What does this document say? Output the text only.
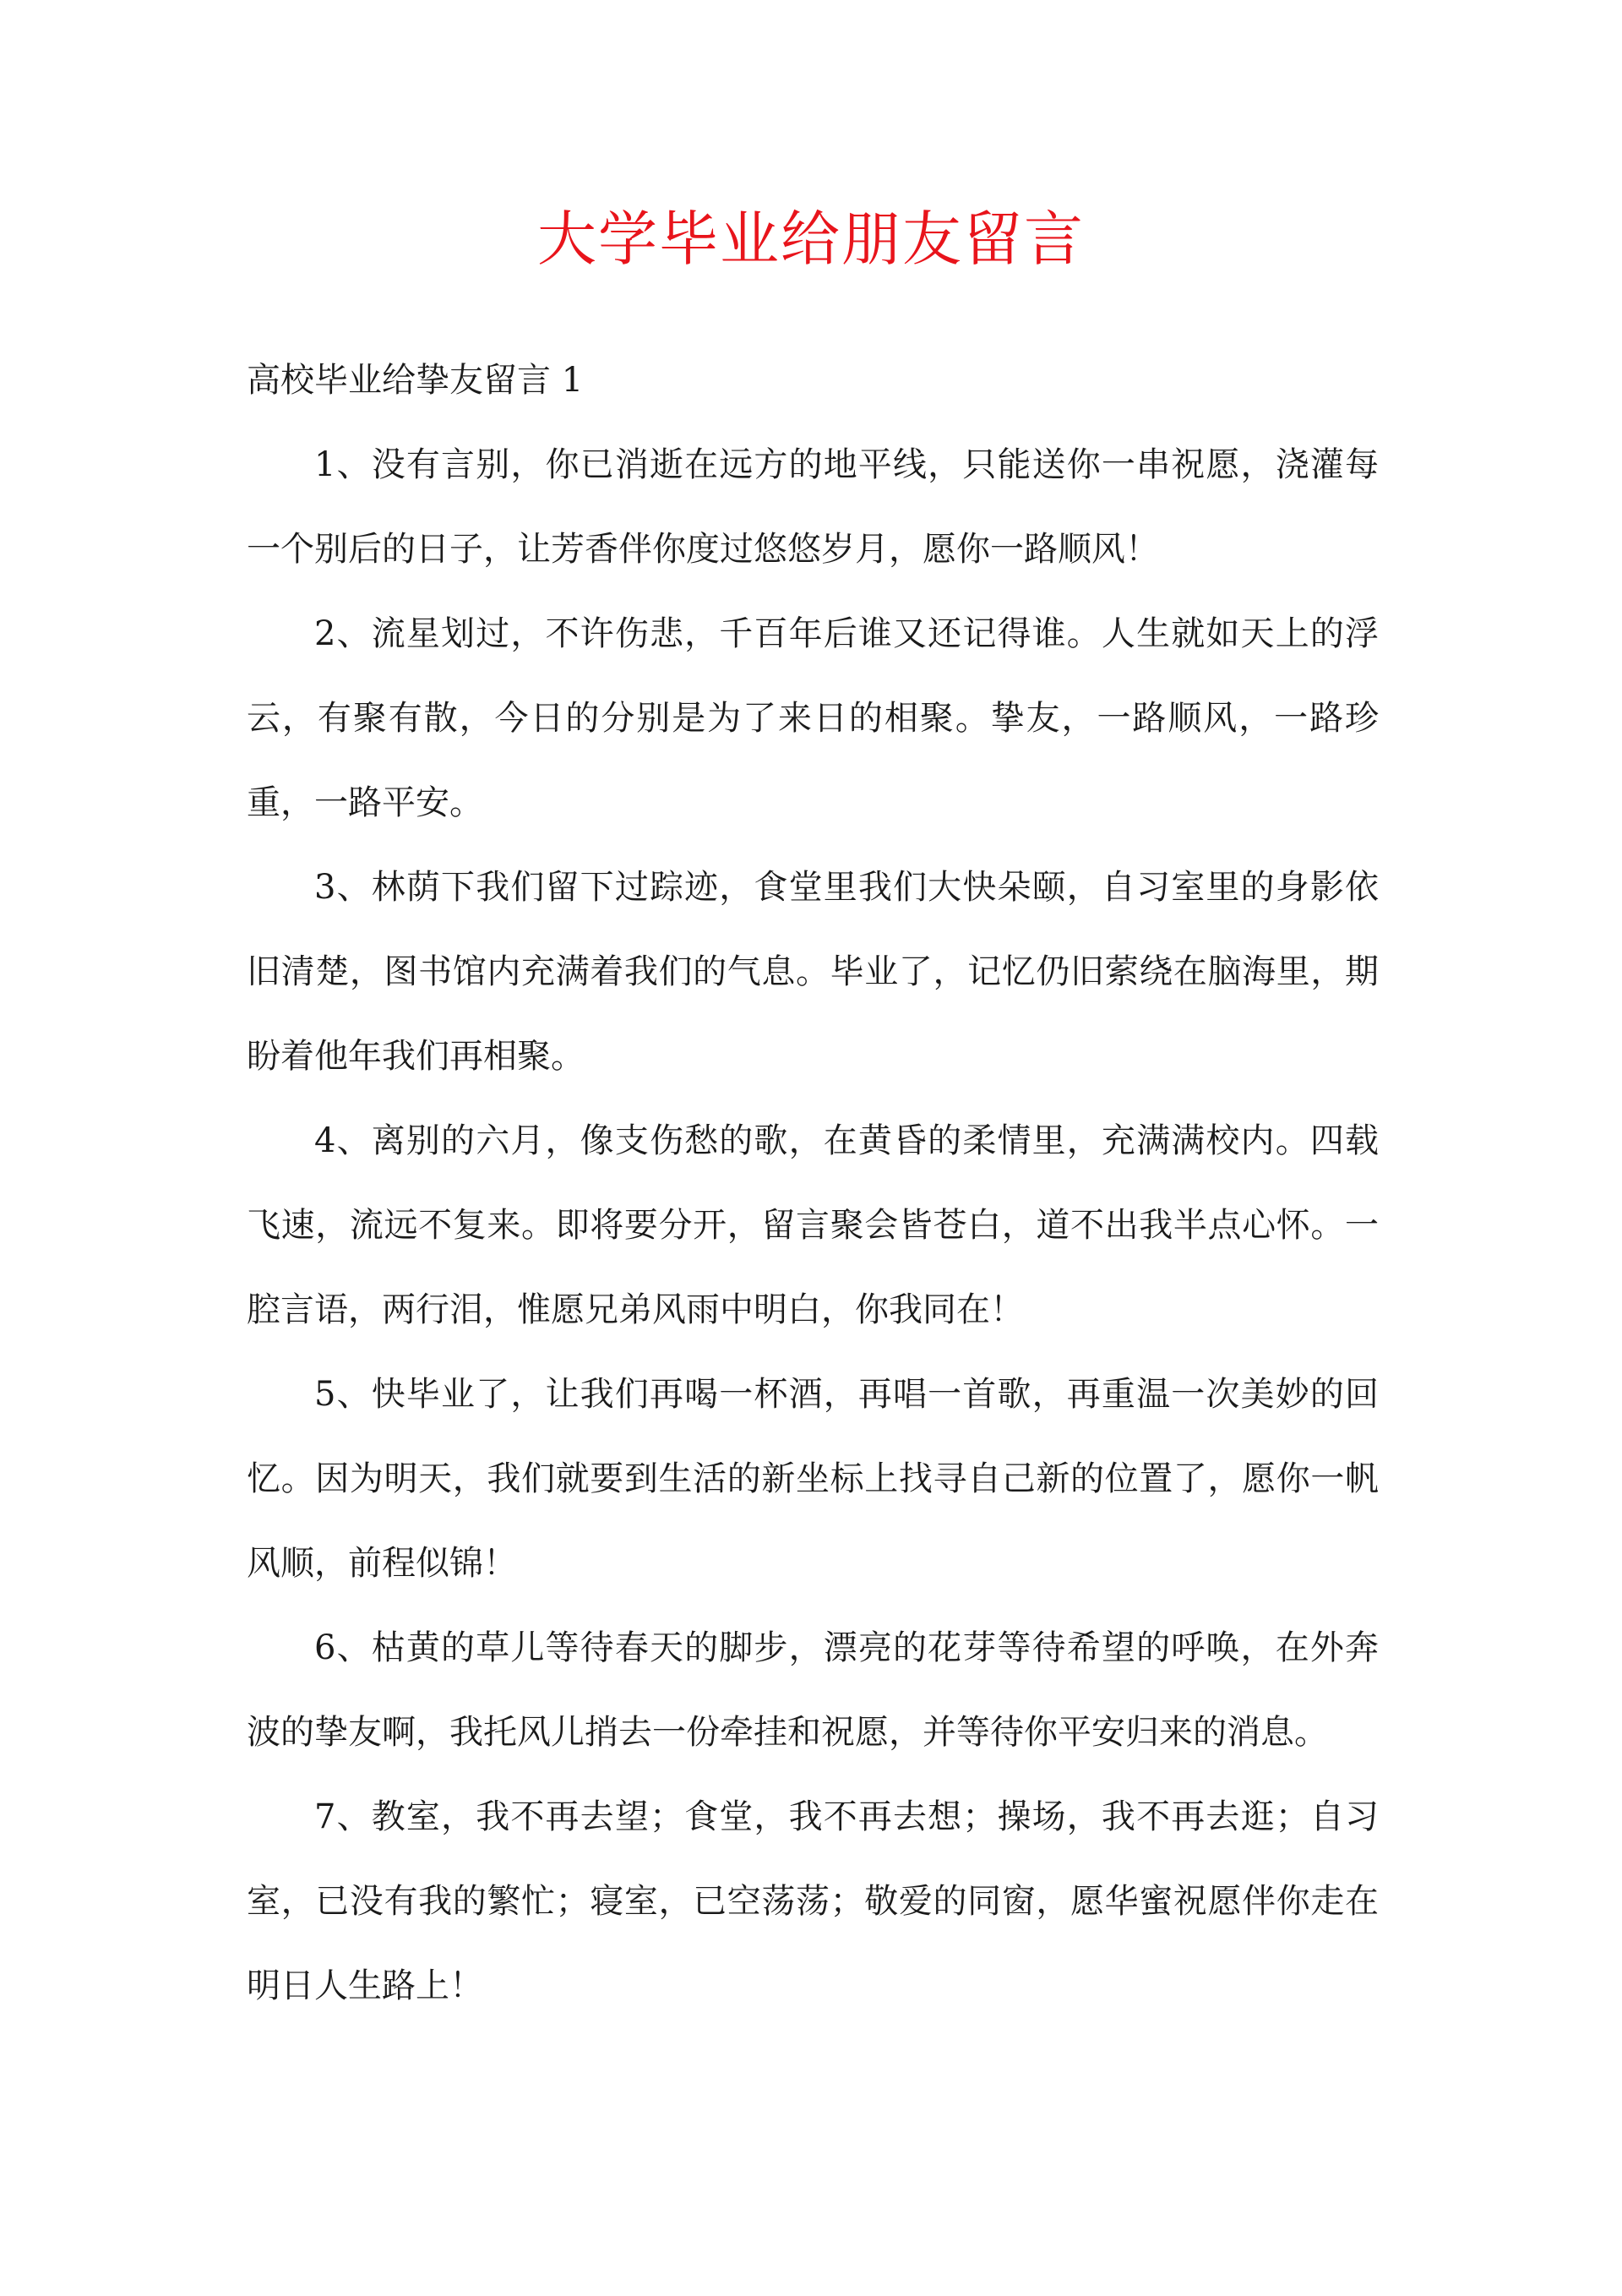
大学毕业给朋友留言
高校毕业给挚友留言 1

1、没有言别，你已消逝在远方的地平线，只能送你一串祝愿，浇灌每一个别后的日子，让芳香伴你度过悠悠岁月，愿你一路顺风！

2、流星划过，不许伤悲，千百年后谁又还记得谁。人生就如天上的浮云，有聚有散，今日的分别是为了来日的相聚。挚友，一路顺风，一路珍重，一路平安。

3、林荫下我们留下过踪迹，食堂里我们大快朵颐，自习室里的身影依旧清楚，图书馆内充满着我们的气息。毕业了，记忆仍旧萦绕在脑海里，期盼着他年我们再相聚。

4、离别的六月，像支伤愁的歌，在黄昏的柔情里，充满满校内。四载飞速，流远不复来。即将要分开，留言聚会皆苍白，道不出我半点心怀。一腔言语，两行泪，惟愿兄弟风雨中明白，你我同在！

5、快毕业了，让我们再喝一杯酒，再唱一首歌，再重温一次美妙的回忆。因为明天，我们就要到生活的新坐标上找寻自己新的位置了，愿你一帆风顺，前程似锦！

6、枯黄的草儿等待春天的脚步，漂亮的花芽等待希望的呼唤，在外奔波的挚友啊，我托风儿捎去一份牵挂和祝愿，并等待你平安归来的消息。

7、教室，我不再去望；食堂，我不再去想；操场，我不再去逛；自习室，已没有我的繁忙；寝室，已空荡荡；敬爱的同窗，愿华蜜祝愿伴你走在明日人生路上！
